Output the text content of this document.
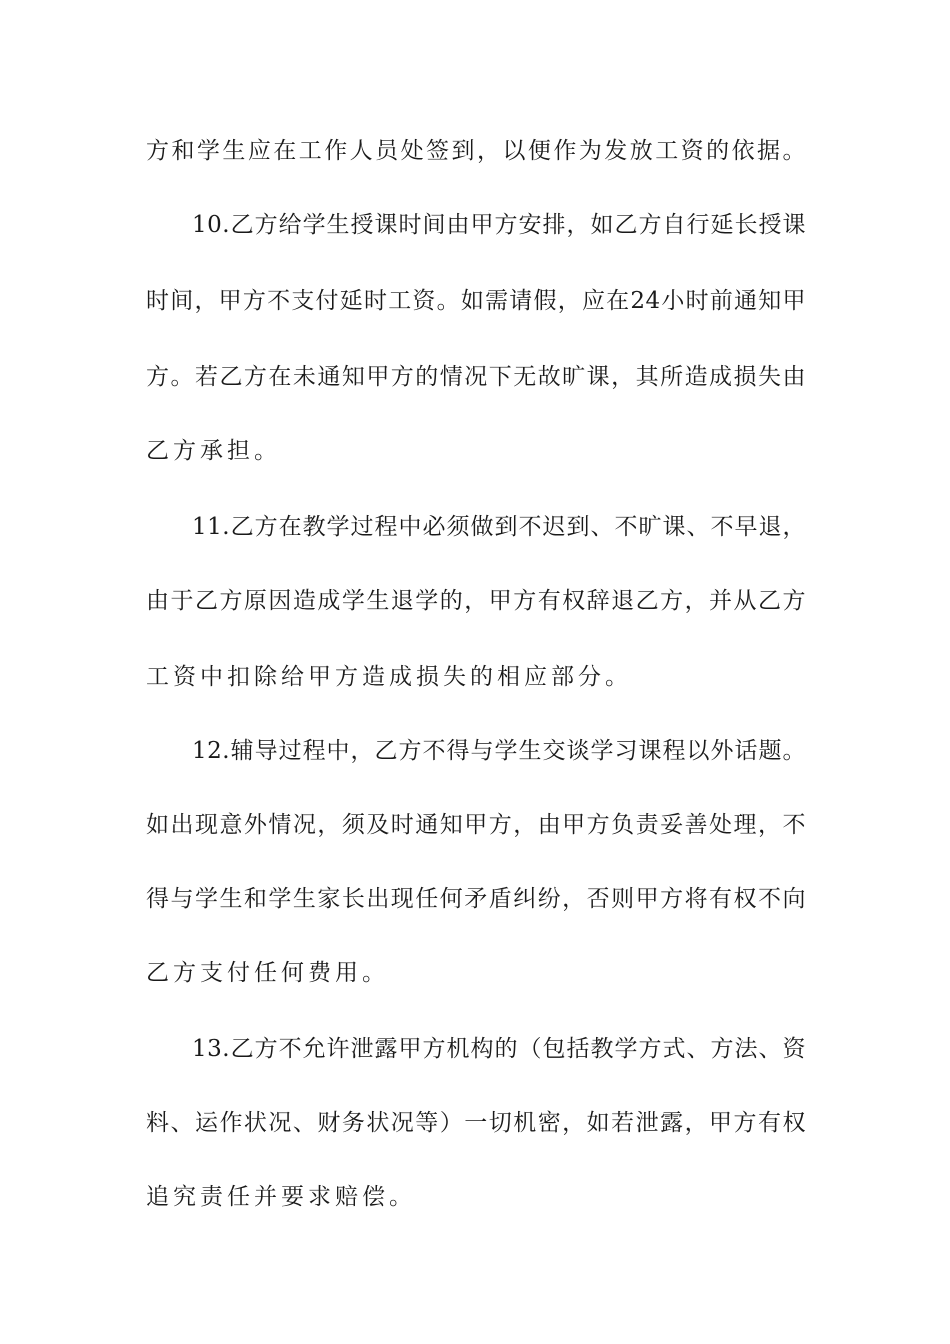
方和学生应在工作人员处签到，以便作为发放工资的依据。
10.乙方给学生授课时间由甲方安排，如乙方自行延长授课
时间，甲方不支付延时工资。如需请假，应在24小时前通知甲
方。若乙方在未通知甲方的情况下无故旷课，其所造成损失由
乙方承担。
11.乙方在教学过程中必须做到不迟到、不旷课、不早退，
由于乙方原因造成学生退学的，甲方有权辞退乙方，并从乙方
工资中扣除给甲方造成损失的相应部分。
12.辅导过程中，乙方不得与学生交谈学习课程以外话题。
如出现意外情况，须及时通知甲方，由甲方负责妥善处理，不
得与学生和学生家长出现任何矛盾纠纷，否则甲方将有权不向
乙方支付任何费用。
13.乙方不允许泄露甲方机构的（包括教学方式、方法、资
料、运作状况、财务状况等）一切机密，如若泄露，甲方有权
追究责任并要求赔偿。
